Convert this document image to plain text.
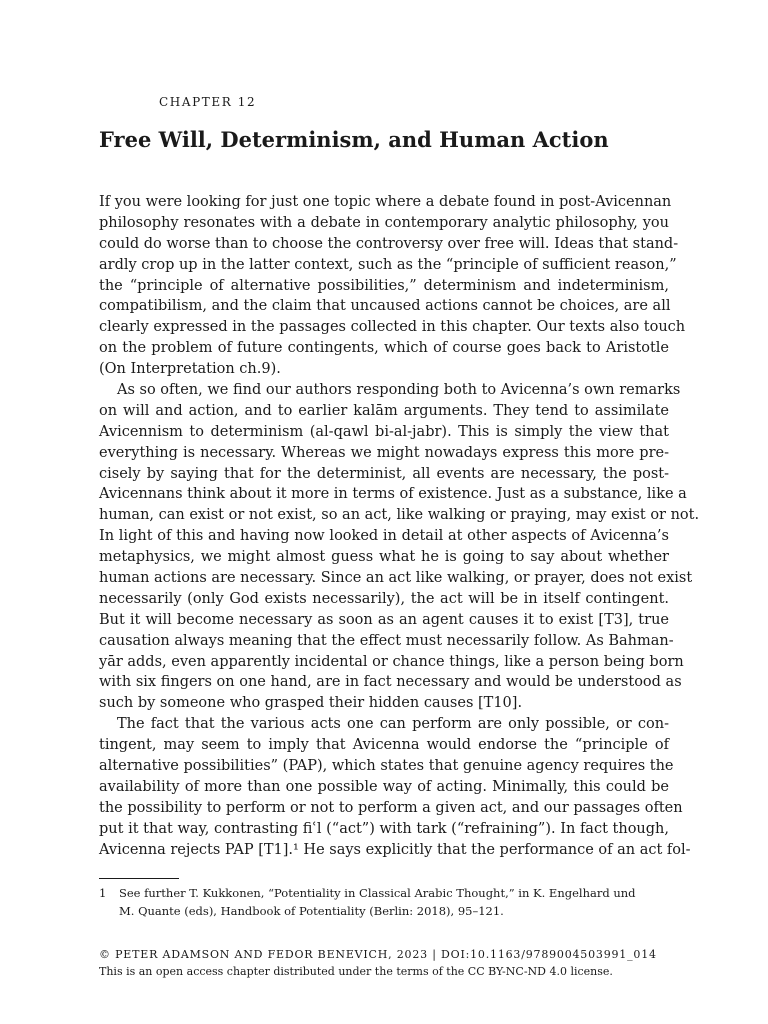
CHAPTER 12
Free Will, Determinism, and Human Action
If you were looking for just one topic where a debate found in post-Avicennan
philosophy resonates with a debate in contemporary analytic philosophy, you
could do worse than to choose the controversy over free will. Ideas that stand-
ardly crop up in the latter context, such as the “principle of sufficient reason,”
the “principle of alternative possibilities,” determinism and indeterminism,
compatibilism, and the claim that uncaused actions cannot be choices, are all
clearly expressed in the passages collected in this chapter. Our texts also touch
on the problem of future contingents, which of course goes back to Aristotle
(On Interpretation ch.9).
As so often, we find our authors responding both to Avicenna’s own remarks
on will and action, and to earlier kalām arguments. They tend to assimilate
Avicennism to determinism (al-qawl bi-al-jabr). This is simply the view that
everything is necessary. Whereas we might nowadays express this more pre-
cisely by saying that for the determinist, all events are necessary, the post-
Avicennans think about it more in terms of existence. Just as a substance, like a
human, can exist or not exist, so an act, like walking or praying, may exist or not.
In light of this and having now looked in detail at other aspects of Avicenna’s
metaphysics, we might almost guess what he is going to say about whether
human actions are necessary. Since an act like walking, or prayer, does not exist
necessarily (only God exists necessarily), the act will be in itself contingent.
But it will become necessary as soon as an agent causes it to exist [T3], true
causation always meaning that the effect must necessarily follow. As Bahman-
yār adds, even apparently incidental or chance things, like a person being born
with six fingers on one hand, are in fact necessary and would be understood as
such by someone who grasped their hidden causes [T10].
The fact that the various acts one can perform are only possible, or con-
tingent, may seem to imply that Avicenna would endorse the “principle of
alternative possibilities” (PAP), which states that genuine agency requires the
availability of more than one possible way of acting. Minimally, this could be
the possibility to perform or not to perform a given act, and our passages often
put it that way, contrasting fiʿl (“act”) with tark (“refraining”). In fact though,
Avicenna rejects PAP [T1].¹ He says explicitly that the performance of an act fol-
1 See further T. Kukkonen, “Potentiality in Classical Arabic Thought,” in K. Engelhard und
M. Quante (eds), Handbook of Potentiality (Berlin: 2018), 95–121.
© PETER ADAMSON AND FEDOR BENEVICH, 2023 | DOI:10.1163/9789004503991_014
This is an open access chapter distributed under the terms of the CC BY-NC-ND 4.0 license.
